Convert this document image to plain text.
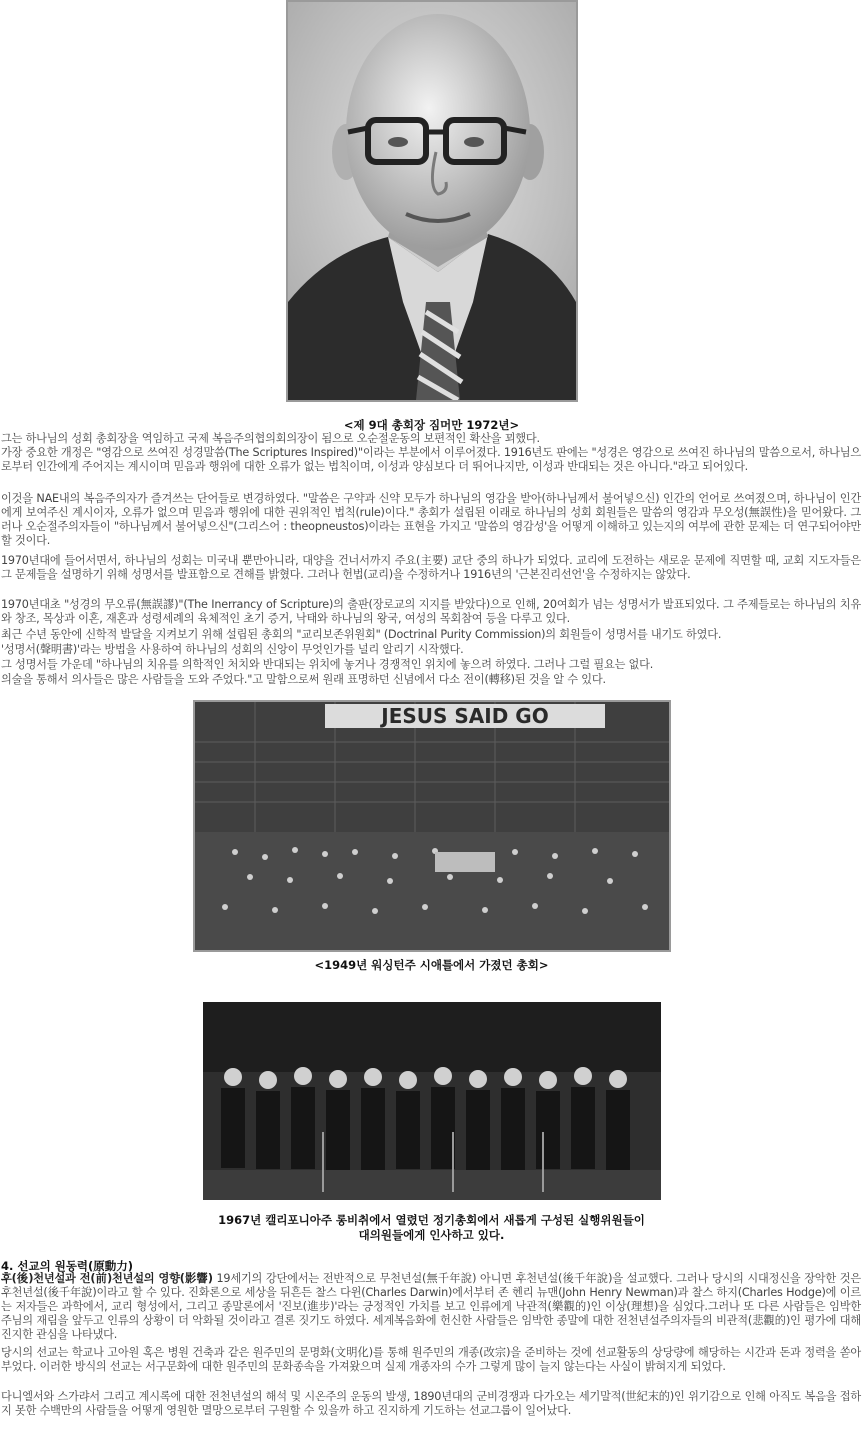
<제 9대 총회장 짐머만 1972년>

그는 하나님의 성회 총회장을 역임하고 국제 복음주의협의회의장이 됨으로 오순절운동의 보편적인 확산을 꾀했다.

가장 중요한 개정은 "영감으로 쓰여진 성경말씀(The Scriptures Inspired)"이라는 부분에서 이루어졌다. 1916년도 판에는 "성경은 영감으로 쓰여진 하나님의 말씀으로서, 하나님으로부터 인간에게 주어지는 계시이며 믿음과 행위에 대한 오류가 없는 법칙이며, 이성과 양심보다 더 뛰어나지만, 이성과 반대되는 것은 아니다."라고 되어있다.

이것을 NAE내의 복음주의자가 즐겨쓰는 단어들로 변경하였다. "말씀은 구약과 신약 모두가 하나님의 영감을 받아(하나님께서 불어넣으신) 인간의 언어로 쓰여졌으며, 하나님이 인간에게 보여주신 계시이자, 오류가 없으며 믿음과 행위에 대한 권위적인 법칙(rule)이다." 총회가 설립된 이래로 하나님의 성회 회원들은 말씀의 영감과 무오성(無誤性)을 믿어왔다. 그러나 오순절주의자들이 "하나님께서 불어넣으신"(그리스어 : theopneustos)이라는 표현을 가지고 '말씀의 영감성'을 어떻게 이해하고 있는지의 여부에 관한 문제는 더 연구되어야만 할 것이다.

1970년대에 들어서면서, 하나님의 성회는 미국내 뿐만아니라, 대양을 건너서까지 주요(主要) 교단 중의 하나가 되었다. 교리에 도전하는 새로운 문제에 직면할 때, 교회 지도자들은 그 문제들을 설명하기 위해 성명서를 발표함으로 견해를 밝혔다. 그러나 헌법(교리)을 수정하거나 1916년의 '근본진리선언'을 수정하지는 않았다.

1970년대초 "성경의 무오류(無誤謬)"(The Inerrancy of Scripture)의 출판(장로교의 지지를 받았다)으로 인해, 20여회가 넘는 성명서가 발표되었다. 그 주제들로는 하나님의 치유와 창조, 목상과 이혼, 재혼과 성령세례의 육체적인 초기 증거, 낙태와 하나님의 왕국, 여성의 목회참여 등을 다루고 있다.

최근 수년 동안에 신학적 발달을 지켜보기 위해 설립된 총회의 "교리보존위원회" (Doctrinal Purity Commission)의 회원들이 성명서를 내기도 하였다.

'성명서(聲明書)'라는 방법을 사용하여 하나님의 성회의 신앙이 무엇인가를 널리 알리기 시작했다.

그 성명서들 가운데 "하나님의 치유를 의학적인 처치와 반대되는 위치에 놓거나 경쟁적인 위치에 놓으려 하였다. 그러나 그럴 필요는 없다.

의술을 통해서 의사들은 많은 사람들을 도와 주었다."고 말함으로써 원래 표명하던 신념에서 다소 전이(轉移)된 것을 알 수 있다.

JESUS SAID GO
<1949년 워싱턴주 시애틀에서 가졌던 총회>
1967년 캘리포니아주 롱비취에서 열렸던 정기총회에서 새롭게 구성된 실행위원들이
대의원들에게 인사하고 있다.
4. 선교의 원동력(原動力)

후(後)천년설과 전(前)천년설의 영향(影響) 19세기의 강단에서는 전반적으로 무천년설(無千年說) 아니면 후천년설(後千年說)을 설교했다. 그러나 당시의 시대정신을 장악한 것은 후천년설(後千年說)이라고 할 수 있다. 진화론으로 세상을 뒤흔든 찰스 다윈(Charles Darwin)에서부터 존 헨리 뉴맨(John Henry Newman)과 찰스 하지(Charles Hodge)에 이르는 저자들은 과학에서, 교리 형성에서, 그리고 종말론에서 '진보(進步)'라는 긍정적인 가치를 보고 인류에게 낙관적(樂觀的)인 이상(理想)을 심었다.그러나 또 다른 사람들은 임박한 주님의 재림을 앞두고 인류의 상황이 더 악화될 것이라고 결론 짓기도 하였다. 세계복음화에 헌신한 사람들은 임박한 종말에 대한 전천년설주의자들의 비관적(悲觀的)인 평가에 대해 진지한 관심을 나타냈다.

당시의 선교는 학교나 고아원 혹은 병원 건축과 같은 원주민의 문명화(文明化)를 통해 원주민의 개종(改宗)을 준비하는 것에 선교활동의 상당량에 해당하는 시간과 돈과 정력을 쏟아 부었다. 이러한 방식의 선교는 서구문화에 대한 원주민의 문화종속을 가져왔으며 실제 개종자의 수가 그렇게 많이 늘지 않는다는 사실이 밝혀지게 되었다.

다니엘서와 스가랴서 그리고 계시록에 대한 전천년설의 해석 및 시온주의 운동의 발생, 1890년대의 군비경쟁과 다가오는 세기말적(世紀末的)인 위기감으로 인해 아직도 복음을 접하지 못한 수백만의 사람들을 어떻게 영원한 멸망으로부터 구원할 수 있을까 하고 진지하게 기도하는 선교그룹이 일어났다.
